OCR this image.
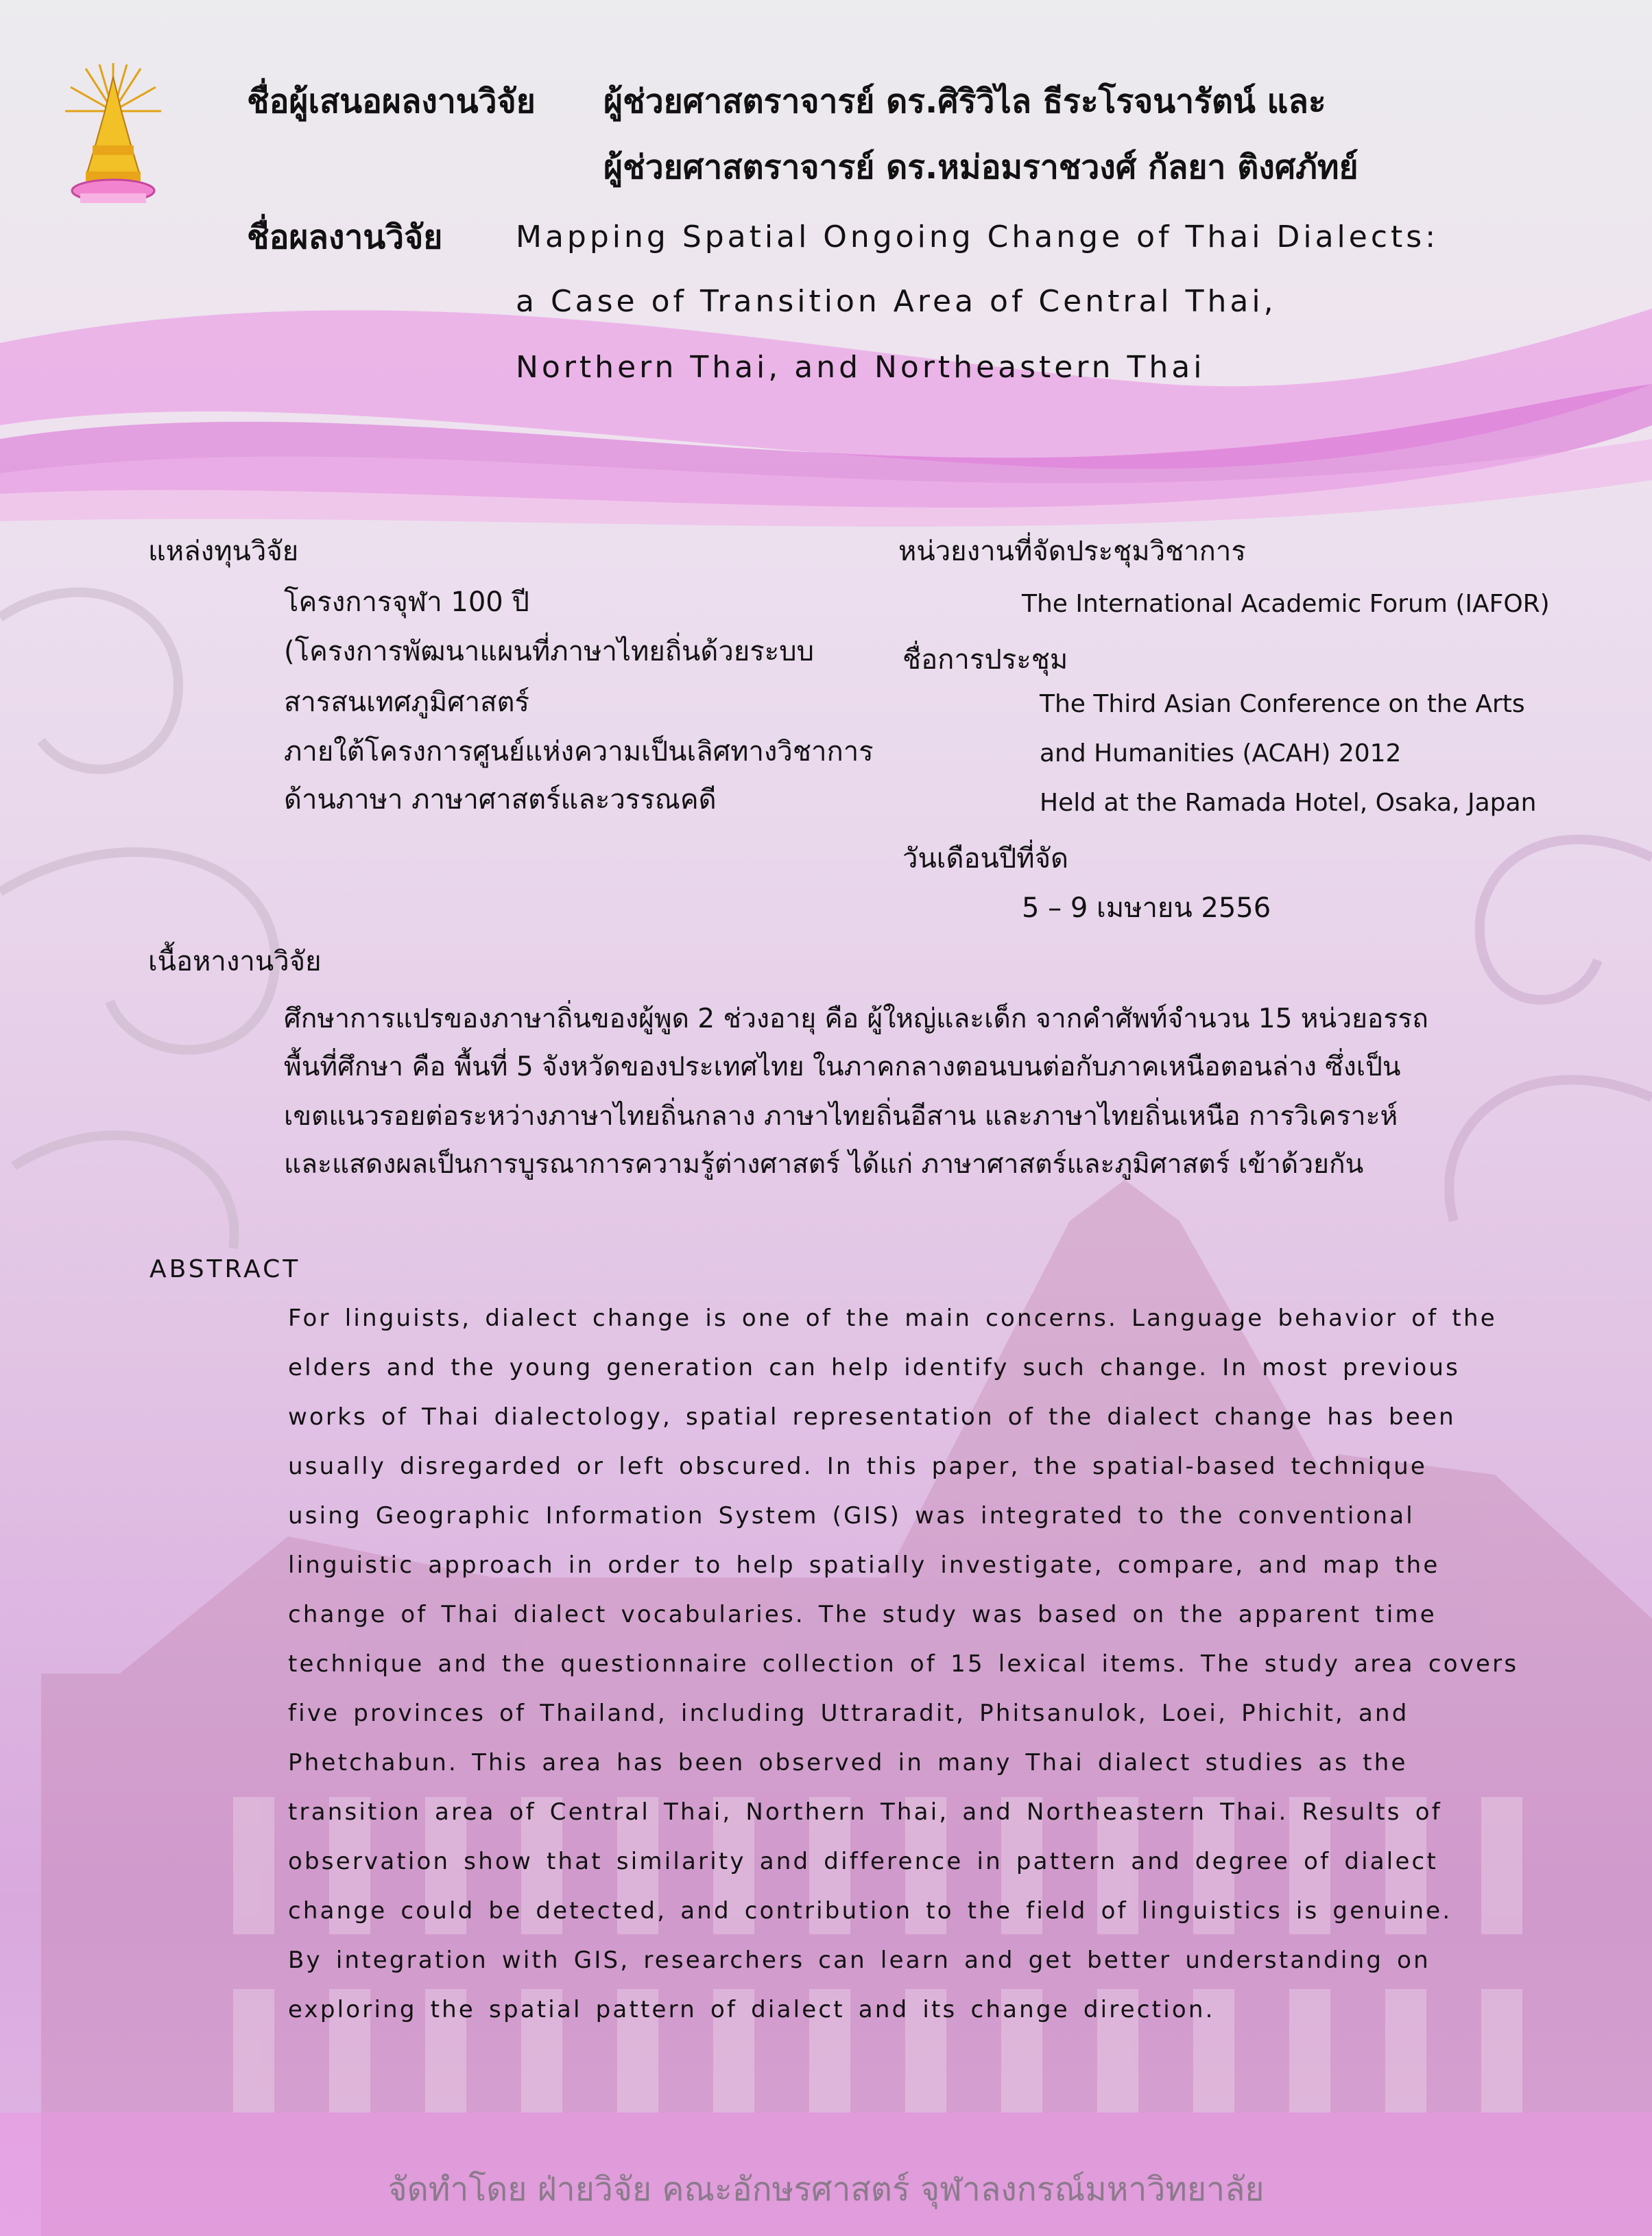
ชื่อผู้เสนอผลงานวิจัย ผู้ช่วยศาสตราจารย์ ดร.ศิริวิไล ธีระโรจนารัตน์ และ
ผู้ช่วยศาสตราจารย์ ดร.หม่อมราชวงศ์ กัลยา ติงศภัทย์
ชื่อผลงานวิจัย Mapping Spatial Ongoing Change of Thai Dialects:
a Case of Transition Area of Central Thai,
Northern Thai, and Northeastern Thai
แหล่งทุนวิจัย
โครงการจุฬา 100 ปี
(โครงการพัฒนาแผนที่ภาษาไทยถิ่นด้วยระบบ
สารสนเทศภูมิศาสตร์
ภายใต้โครงการศูนย์แห่งความเป็นเลิศทางวิชาการ
ด้านภาษา ภาษาศาสตร์และวรรณคดี
หน่วยงานที่จัดประชุมวิชาการ
The International Academic Forum (IAFOR)
ชื่อการประชุม
The Third Asian Conference on the Arts
and Humanities (ACAH) 2012
Held at the Ramada Hotel, Osaka, Japan
วันเดือนปีที่จัด
5 – 9 เมษายน 2556
เนื้อหางานวิจัย
ศึกษาการแปรของภาษาถิ่นของผู้พูด 2 ช่วงอายุ คือ ผู้ใหญ่และเด็ก จากคำศัพท์จำนวน 15 หน่วยอรรถ
พื้นที่ศึกษา คือ พื้นที่ 5 จังหวัดของประเทศไทย ในภาคกลางตอนบนต่อกับภาคเหนือตอนล่าง ซึ่งเป็น
เขตแนวรอยต่อระหว่างภาษาไทยถิ่นกลาง ภาษาไทยถิ่นอีสาน และภาษาไทยถิ่นเหนือ การวิเคราะห์
และแสดงผลเป็นการบูรณาการความรู้ต่างศาสตร์ ได้แก่ ภาษาศาสตร์และภูมิศาสตร์ เข้าด้วยกัน
ABSTRACT
For linguists, dialect change is one of the main concerns. Language behavior of the
elders and the young generation can help identify such change. In most previous
works of Thai dialectology, spatial representation of the dialect change has been
usually disregarded or left obscured. In this paper, the spatial-based technique
using Geographic Information System (GIS) was integrated to the conventional
linguistic approach in order to help spatially investigate, compare, and map the
change of Thai dialect vocabularies. The study was based on the apparent time
technique and the questionnaire collection of 15 lexical items. The study area covers
five provinces of Thailand, including Uttraradit, Phitsanulok, Loei, Phichit, and
Phetchabun. This area has been observed in many Thai dialect studies as the
transition area of Central Thai, Northern Thai, and Northeastern Thai. Results of
observation show that similarity and difference in pattern and degree of dialect
change could be detected, and contribution to the field of linguistics is genuine.
By integration with GIS, researchers can learn and get better understanding on
exploring the spatial pattern of dialect and its change direction.
จัดทำโดย ฝ่ายวิจัย คณะอักษรศาสตร์ จุฬาลงกรณ์มหาวิทยาลัย
